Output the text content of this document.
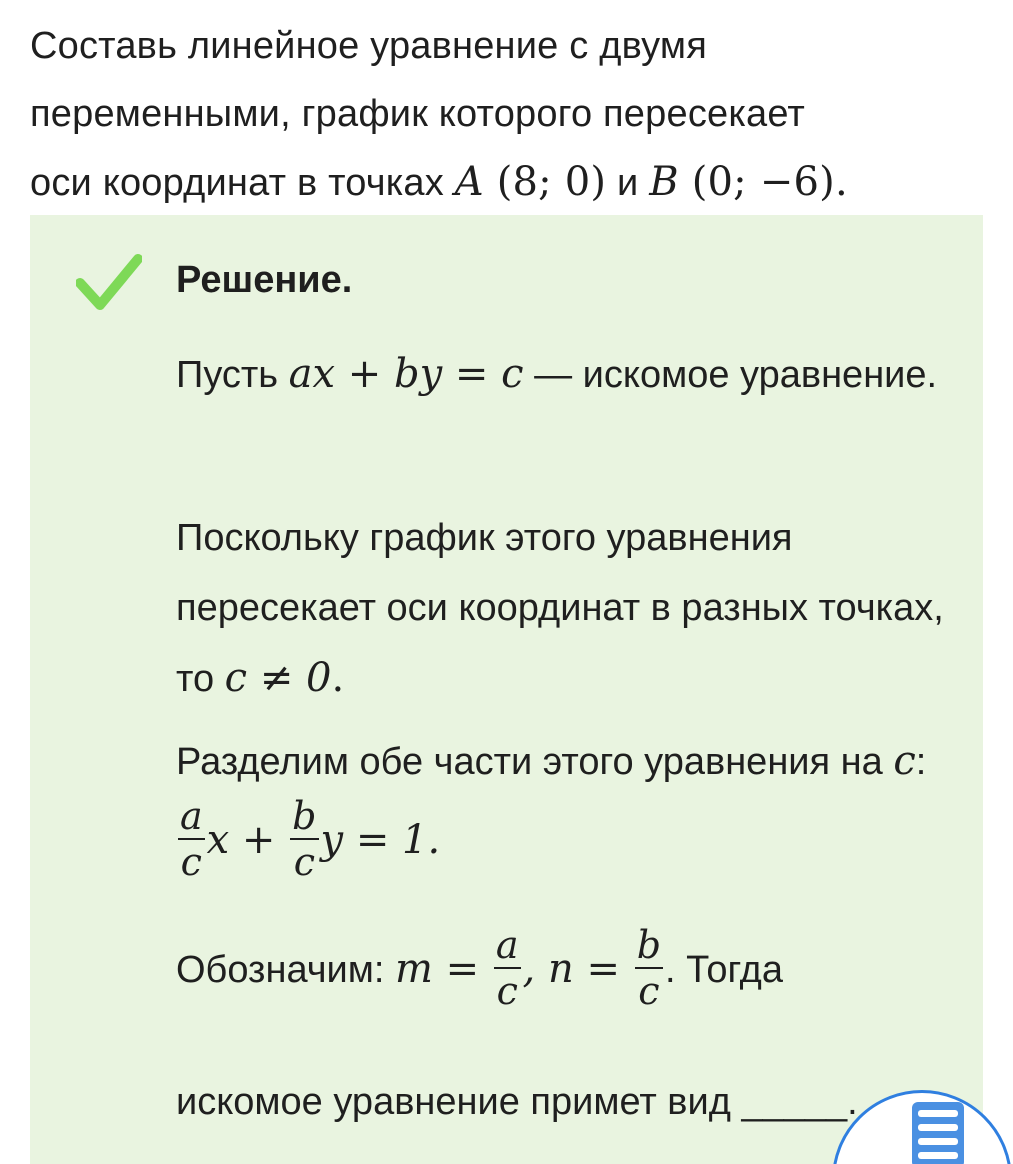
Составь линейное уравнение с двумя
переменными, график которого пересекает
оси координат в точках A (8; 0) и B (0; −6).
Решение.
Пусть ax + by = c — искомое уравнение.
Поскольку график этого уравнения пересекает оси координат в разных точках, то c ≠ 0.
Разделим обе части этого уравнения на c:
$\frac{a}{c}$ $x + \frac{b}{c}$ y = 1.
Обозначим: $m = \frac{a}{c}$ , $n = \frac{b}{c}$ . Тогда
искомое уравнение примет вид _____.
